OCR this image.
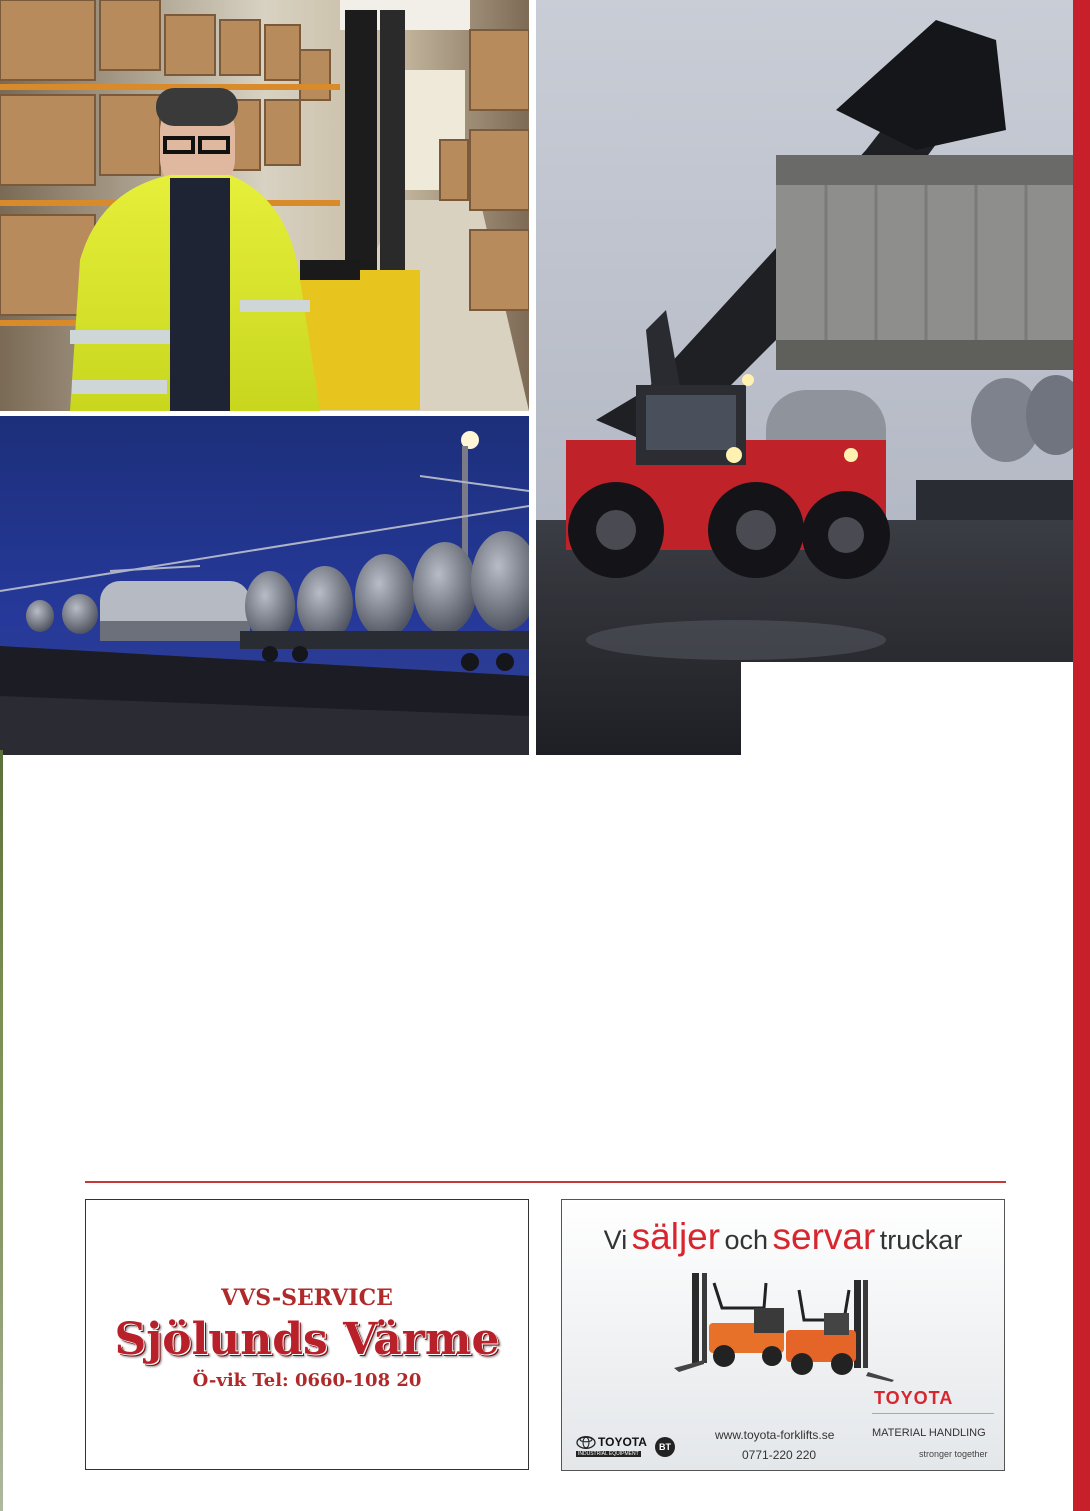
VVS-SERVICE
Sjölunds Värme
Ö-vik Tel: 0660-108 20
Vi säljer och servar truckar
TOYOTA
MATERIAL HANDLING
stronger together
www.toyota-forklifts.se
0771-220 220
TOYOTA
INDUSTRIAL EQUIPMENT
BT
